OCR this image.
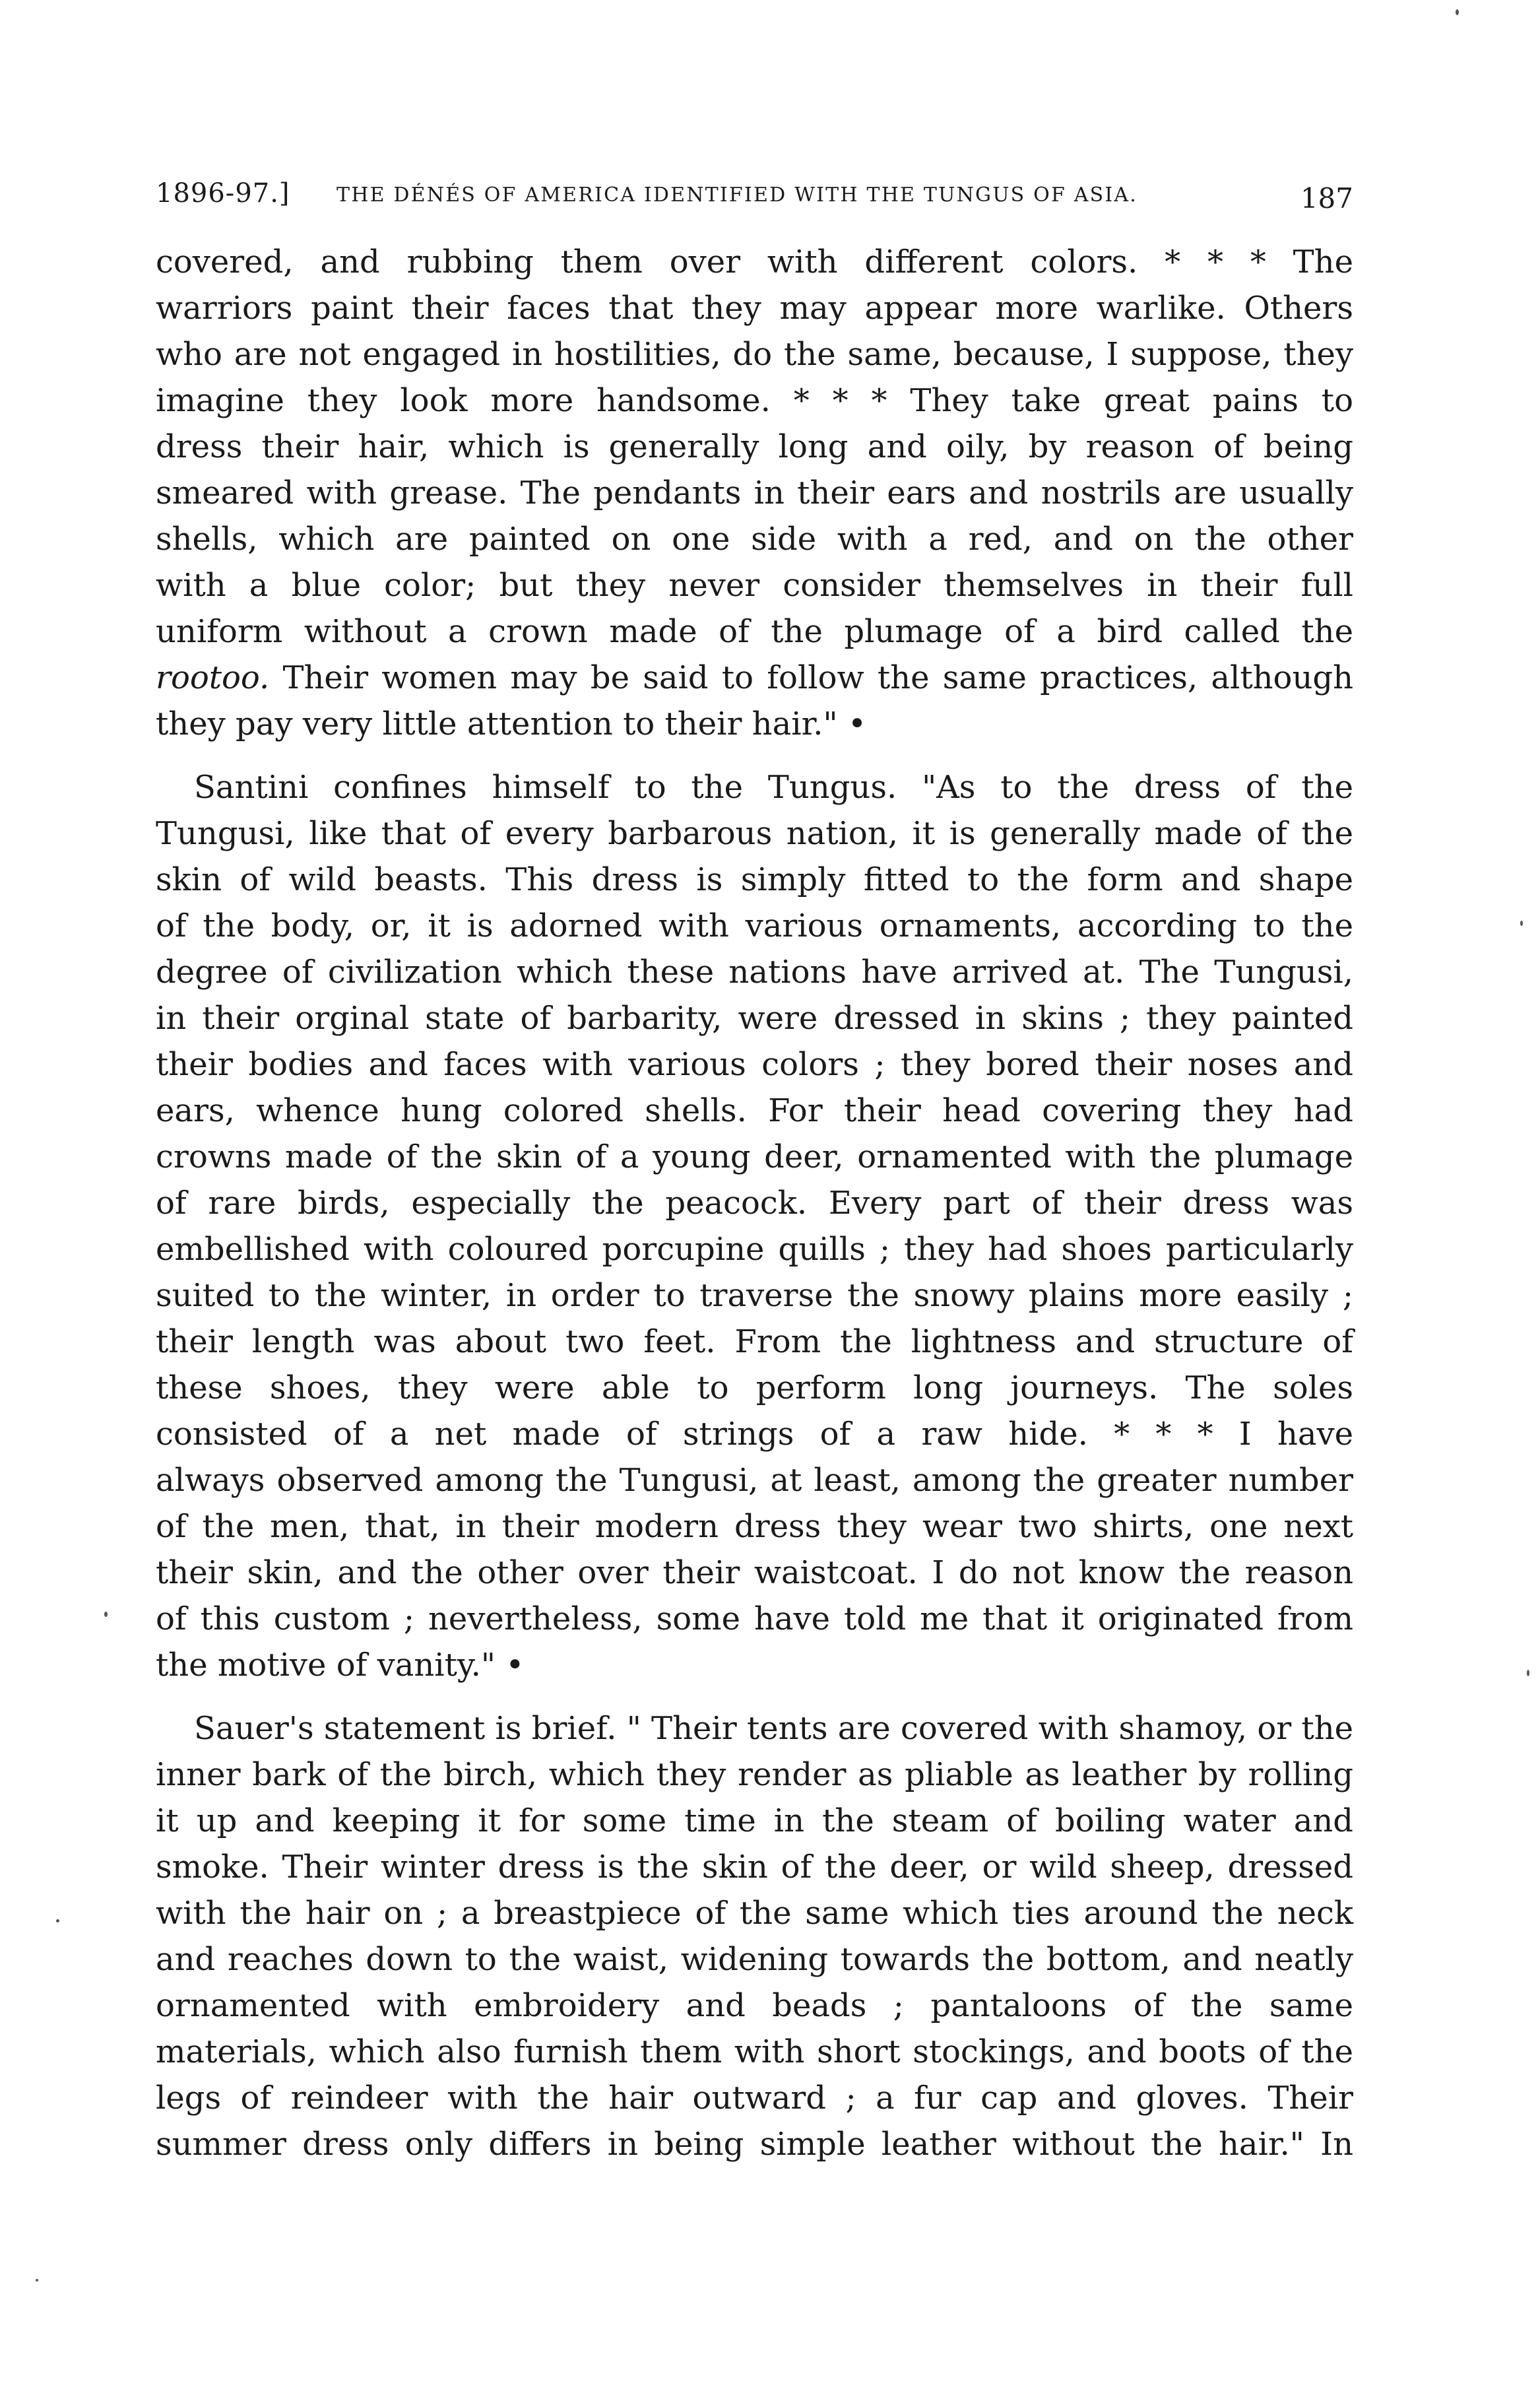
1896-97.] THE DÉNÉS OF AMERICA IDENTIFIED WITH THE TUNGUS OF ASIA.	187
covered, and rubbing them over with different colors. * * * The
warriors paint their faces that they may appear more warlike. Others
who are not engaged in hostilities, do the same, because, I suppose, they
imagine they look more handsome. * * * They take great pains to
dress their hair, which is generally long and oily, by reason of being
smeared with grease. The pendants in their ears and nostrils are usually
shells, which are painted on one side with a red, and on the other
with a blue color; but they never consider themselves in their full
uniform without a crown made of the plumage of a bird called the
rootoo. Their women may be said to follow the same practices, although
they pay very little attention to their hair." •
Santini confines himself to the Tungus. "As to the dress of the
Tungusi, like that of every barbarous nation, it is generally made of the
skin of wild beasts. This dress is simply fitted to the form and shape
of the body, or, it is adorned with various ornaments, according to the
degree of civilization which these nations have arrived at. The Tungusi,
in their orginal state of barbarity, were dressed in skins ; they painted
their bodies and faces with various colors ; they bored their noses and
ears, whence hung colored shells. For their head covering they had
crowns made of the skin of a young deer, ornamented with the plumage
of rare birds, especially the peacock. Every part of their dress was
embellished with coloured porcupine quills ; they had shoes particularly
suited to the winter, in order to traverse the snowy plains more easily ;
their length was about two feet. From the lightness and structure of
these shoes, they were able to perform long journeys. The soles
consisted of a net made of strings of a raw hide. * * * I have
always observed among the Tungusi, at least, among the greater number
of the men, that, in their modern dress they wear two shirts, one next
their skin, and the other over their waistcoat. I do not know the reason
of this custom ; nevertheless, some have told me that it originated from
the motive of vanity." •
Sauer's statement is brief. " Their tents are covered with shamoy, or the
inner bark of the birch, which they render as pliable as leather by rolling
it up and keeping it for some time in the steam of boiling water and
smoke. Their winter dress is the skin of the deer, or wild sheep, dressed
with the hair on ; a breastpiece of the same which ties around the neck
and reaches down to the waist, widening towards the bottom, and neatly
ornamented with embroidery and beads ; pantaloons of the same
materials, which also furnish them with short stockings, and boots of the
legs of reindeer with the hair outward ; a fur cap and gloves. Their
summer dress only differs in being simple leather without the hair." In
